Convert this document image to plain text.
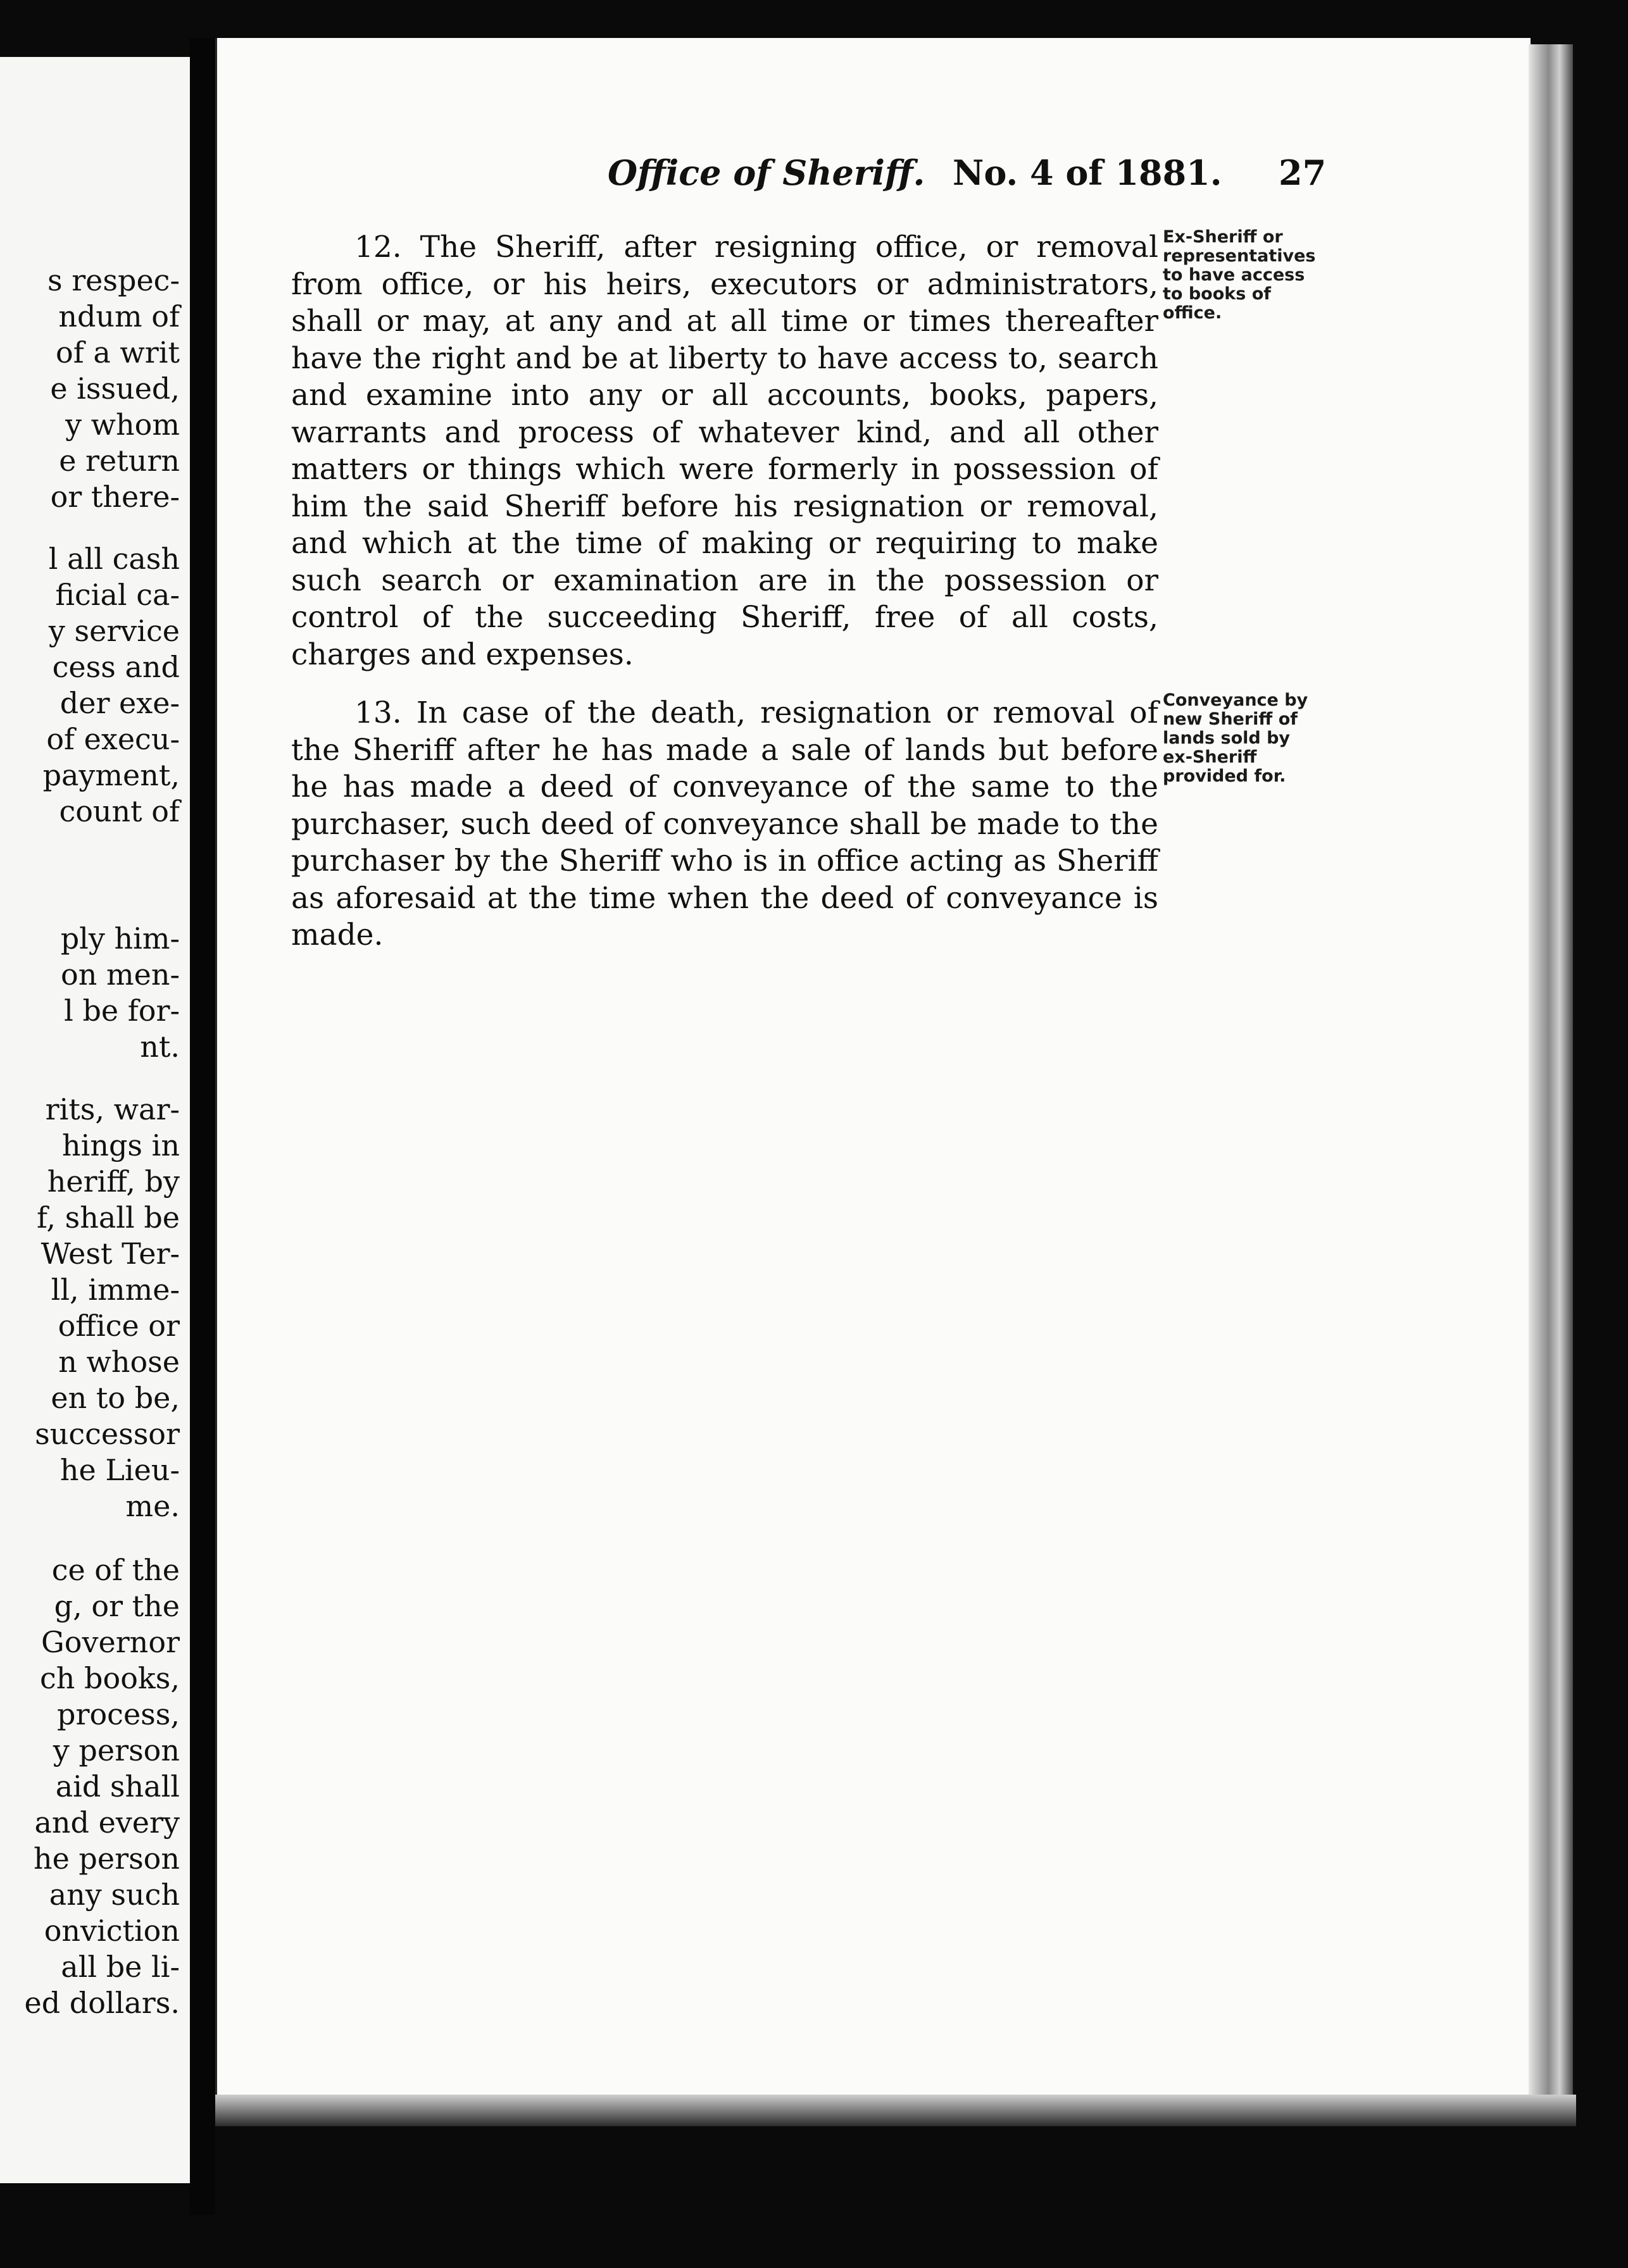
s respec-
ndum of
of a writ
e issued,
y whom
e return
or there-
l all cash
ficial ca-
y service
cess and
der exe-
of execu-
payment,
count of
ply him-
on men-
l be for-
nt.
rits, war-
hings in
heriff, by
f, shall be
West Ter-
ll, imme-
office or
n whose
en to be,
successor
he Lieu-
me.
ce of the
g, or the
Governor
ch books,
process,
y person
aid shall
and every
he person
any such
onviction
all be li-
ed dollars.
Office of Sheriff. No. 4 of 1881. 27

12. The Sheriff, after resigning office, or removal from office, or his heirs, executors or administrators, shall or may, at any and at all time or times thereafter have the right and be at liberty to have access to, search and examine into any or all accounts, books, papers, warrants and process of whatever kind, and all other matters or things which were formerly in possession of him the said Sheriff before his resignation or removal, and which at the time of making or requiring to make such search or examination are in the possession or control of the succeeding Sheriff, free of all costs, charges and expenses.

Ex-Sheriff or representatives to have access to books of office.

13. In case of the death, resignation or removal of the Sheriff after he has made a sale of lands but before he has made a deed of conveyance of the same to the purchaser, such deed of conveyance shall be made to the purchaser by the Sheriff who is in office acting as Sheriff as aforesaid at the time when the deed of conveyance is made.

Conveyance by new Sheriff of lands sold by ex-Sheriff provided for.
